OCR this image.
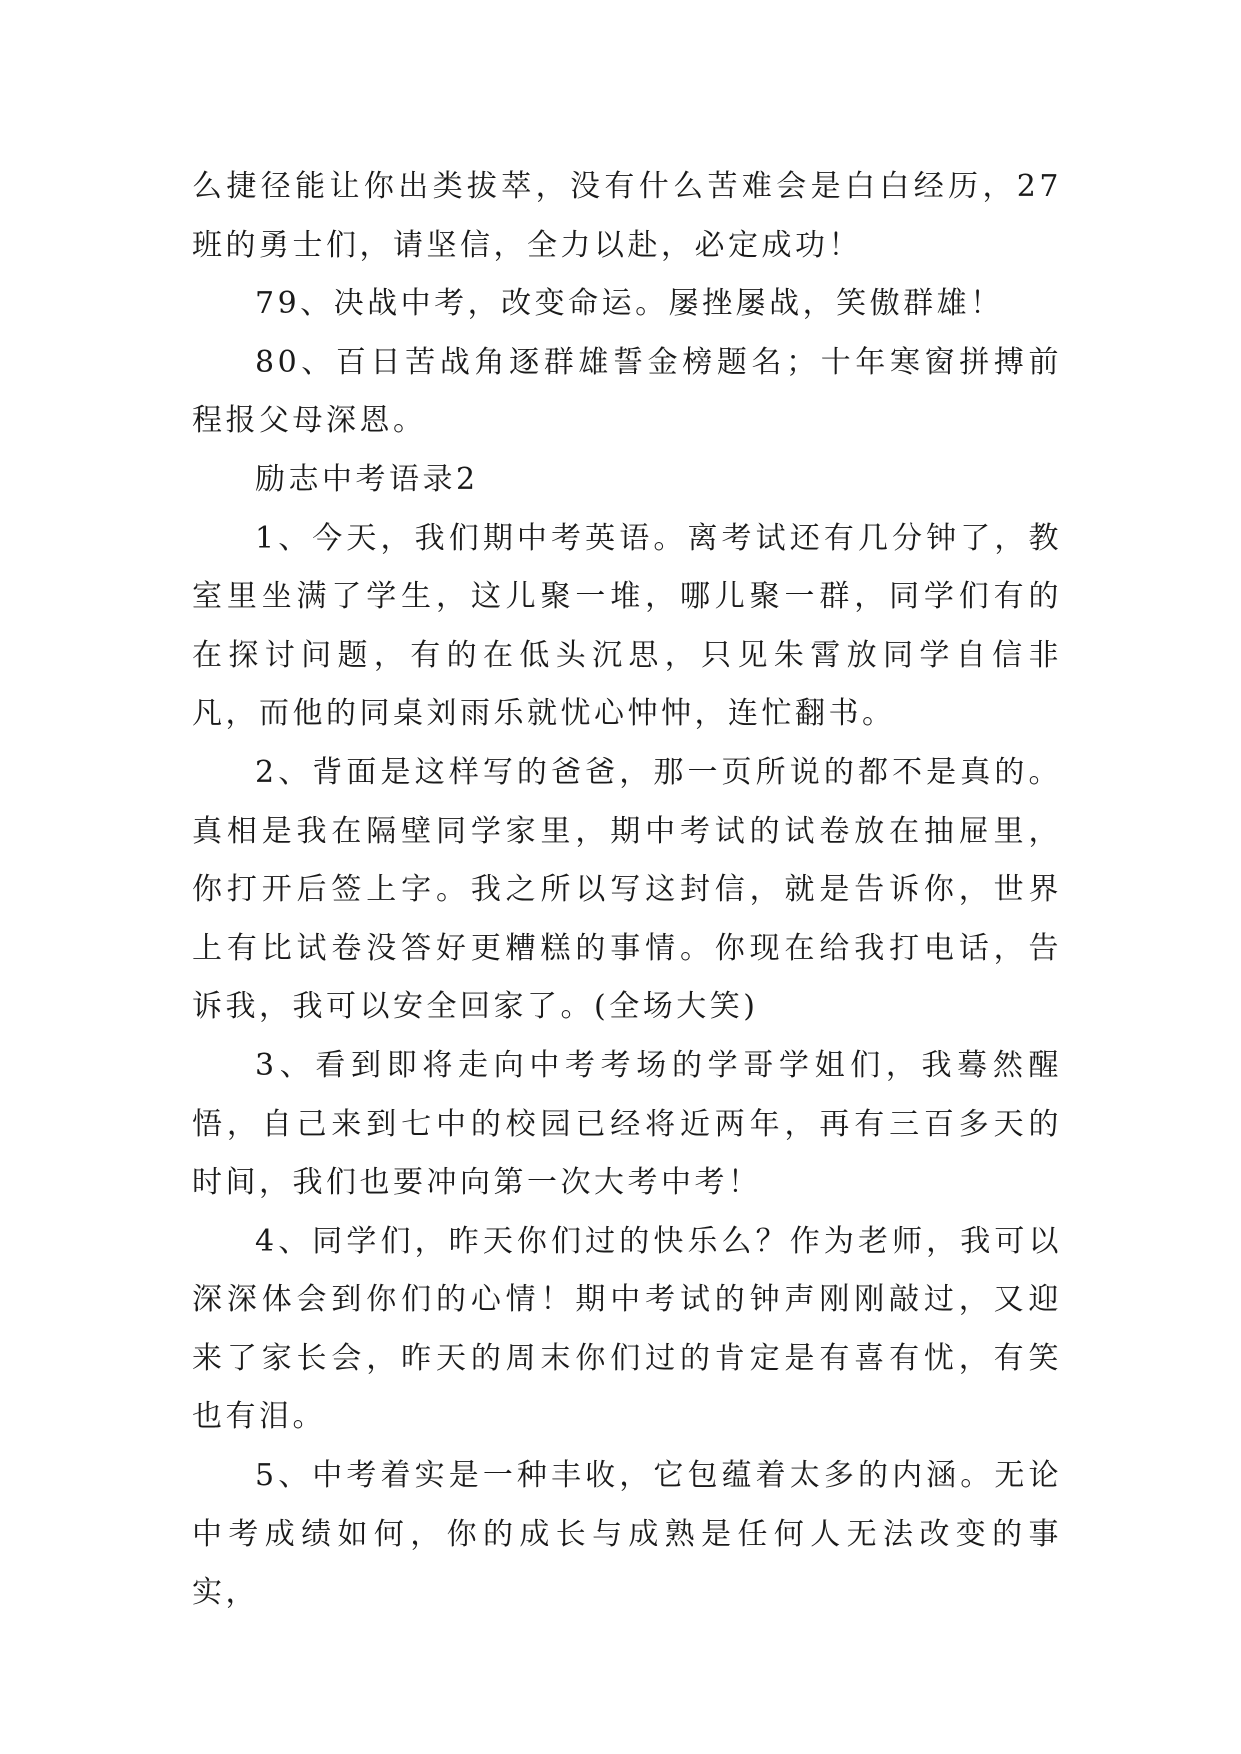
么捷径能让你出类拔萃，没有什么苦难会是白白经历，27班的勇士们，请坚信，全力以赴，必定成功！

79、决战中考，改变命运。屡挫屡战，笑傲群雄！

80、百日苦战角逐群雄誓金榜题名；十年寒窗拼搏前程报父母深恩。

励志中考语录2

1、今天，我们期中考英语。离考试还有几分钟了，教室里坐满了学生，这儿聚一堆，哪儿聚一群，同学们有的在探讨问题，有的在低头沉思，只见朱霄放同学自信非凡，而他的同桌刘雨乐就忧心忡忡，连忙翻书。

2、背面是这样写的爸爸，那一页所说的都不是真的。真相是我在隔壁同学家里，期中考试的试卷放在抽屉里，你打开后签上字。我之所以写这封信，就是告诉你，世界上有比试卷没答好更糟糕的事情。你现在给我打电话，告诉我，我可以安全回家了。(全场大笑)

3、看到即将走向中考考场的学哥学姐们，我蓦然醒悟，自己来到七中的校园已经将近两年，再有三百多天的时间，我们也要冲向第一次大考中考！

4、同学们，昨天你们过的快乐么？作为老师，我可以深深体会到你们的心情！期中考试的钟声刚刚敲过，又迎来了家长会，昨天的周末你们过的肯定是有喜有忧，有笑也有泪。

5、中考着实是一种丰收，它包蕴着太多的内涵。无论中考成绩如何，你的成长与成熟是任何人无法改变的事实，
